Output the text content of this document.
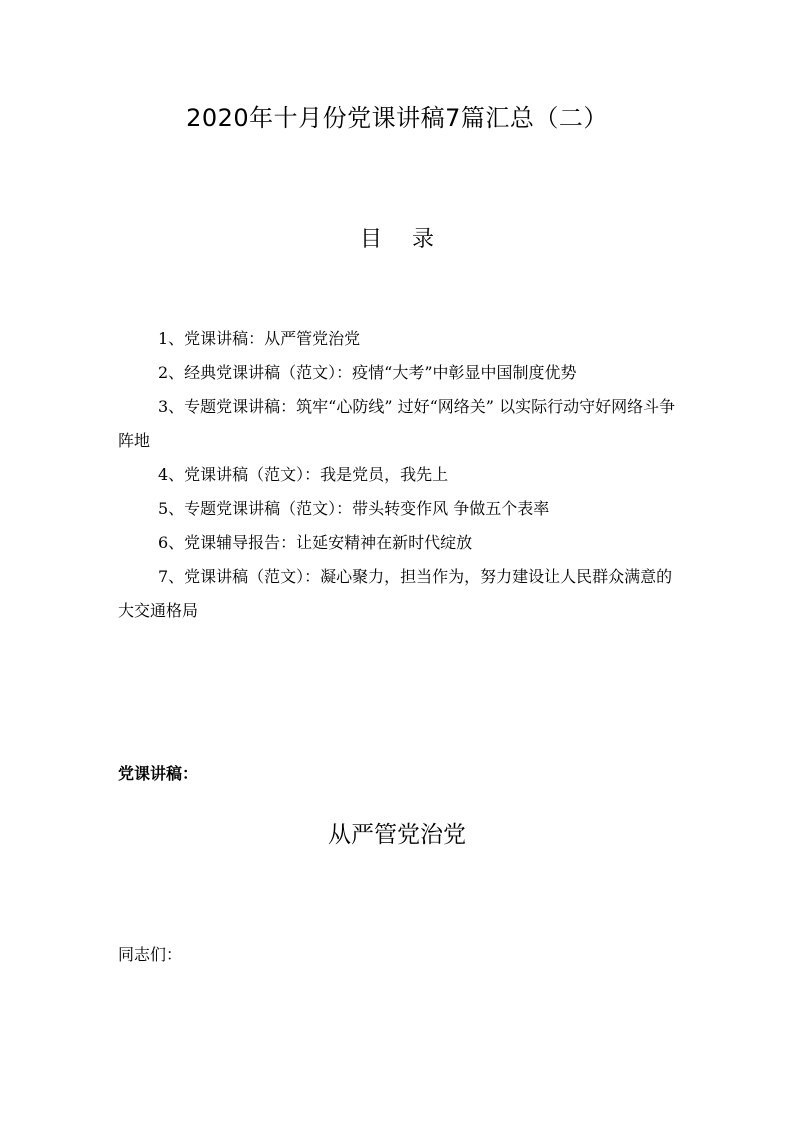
2020年十月份党课讲稿7篇汇总（二）
目 录

1、党课讲稿：从严管党治党

2、经典党课讲稿（范文）：疫情“大考”中彰显中国制度优势

3、专题党课讲稿：筑牢“心防线” 过好“网络关” 以实际行动守好网络斗争阵地

4、党课讲稿（范文）：我是党员，我先上

5、专题党课讲稿（范文）：带头转变作风 争做五个表率

6、党课辅导报告：让延安精神在新时代绽放

7、党课讲稿（范文）：凝心聚力，担当作为，努力建设让人民群众满意的大交通格局

党课讲稿：
从严管党治党
同志们：
